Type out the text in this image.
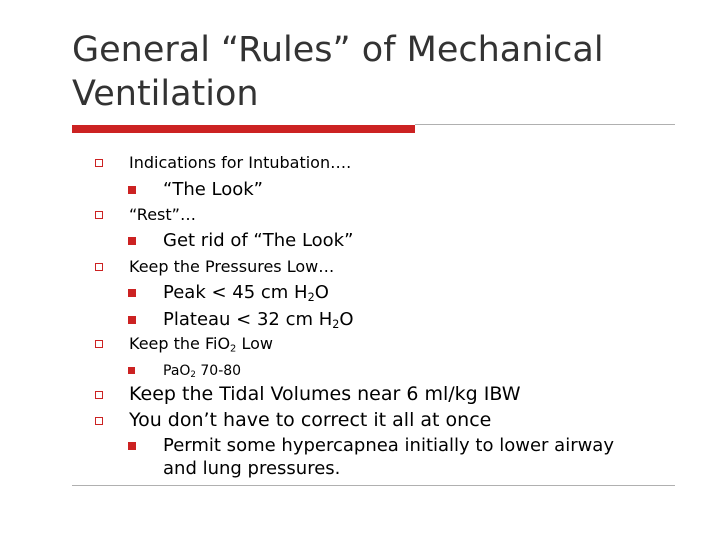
General “Rules” of Mechanical Ventilation
Indications for Intubation….
“The Look”
“Rest”…
Get rid of “The Look”
Keep the Pressures Low…
Peak < 45 cm $H_2O$
Plateau < 32 cm $H_2O$
Keep the FiO$_2$ Low
PaO$_2$ 70-80
Keep the Tidal Volumes near 6 ml/kg IBW
You don’t have to correct it all at once
Permit some hypercapnea initially to lower airway
and lung pressures.
